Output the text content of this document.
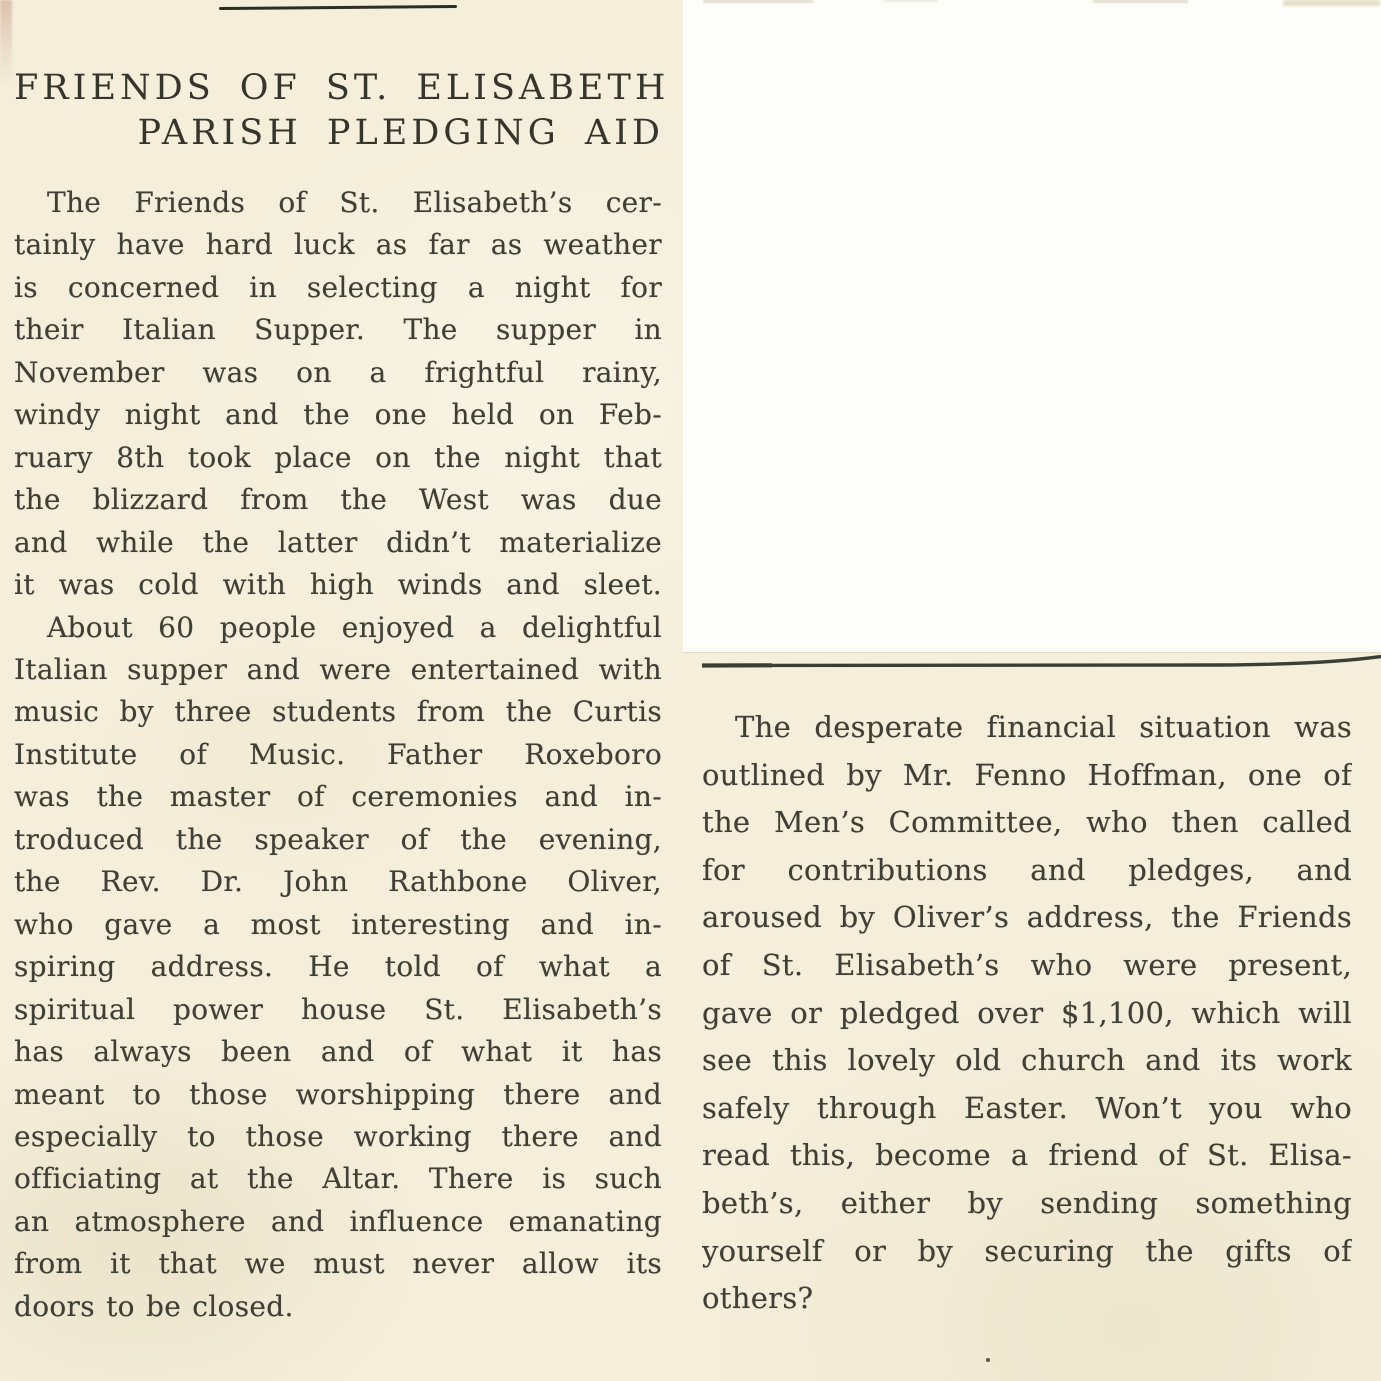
FRIENDS OF ST. ELISABETH
PARISH PLEDGING AID
The Friends of St. Elisabeth’s cer-
tainly have hard luck as far as weather
is concerned in selecting a night for
their Italian Supper. The supper in
November was on a frightful rainy,
windy night and the one held on Feb-
ruary 8th took place on the night that
the blizzard from the West was due
and while the latter didn’t materialize
it was cold with high winds and sleet.
About 60 people enjoyed a delightful
Italian supper and were entertained with
music by three students from the Curtis
Institute of Music. Father Roxeboro
was the master of ceremonies and in-
troduced the speaker of the evening,
the Rev. Dr. John Rathbone Oliver,
who gave a most interesting and in-
spiring address. He told of what a
spiritual power house St. Elisabeth’s
has always been and of what it has
meant to those worshipping there and
especially to those working there and
officiating at the Altar. There is such
an atmosphere and influence emanating
from it that we must never allow its
doors to be closed.
The desperate financial situation was
outlined by Mr. Fenno Hoffman, one of
the Men’s Committee, who then called
for contributions and pledges, and
aroused by Oliver’s address, the Friends
of St. Elisabeth’s who were present,
gave or pledged over $1,100, which will
see this lovely old church and its work
safely through Easter. Won’t you who
read this, become a friend of St. Elisa-
beth’s, either by sending something
yourself or by securing the gifts of
others?
